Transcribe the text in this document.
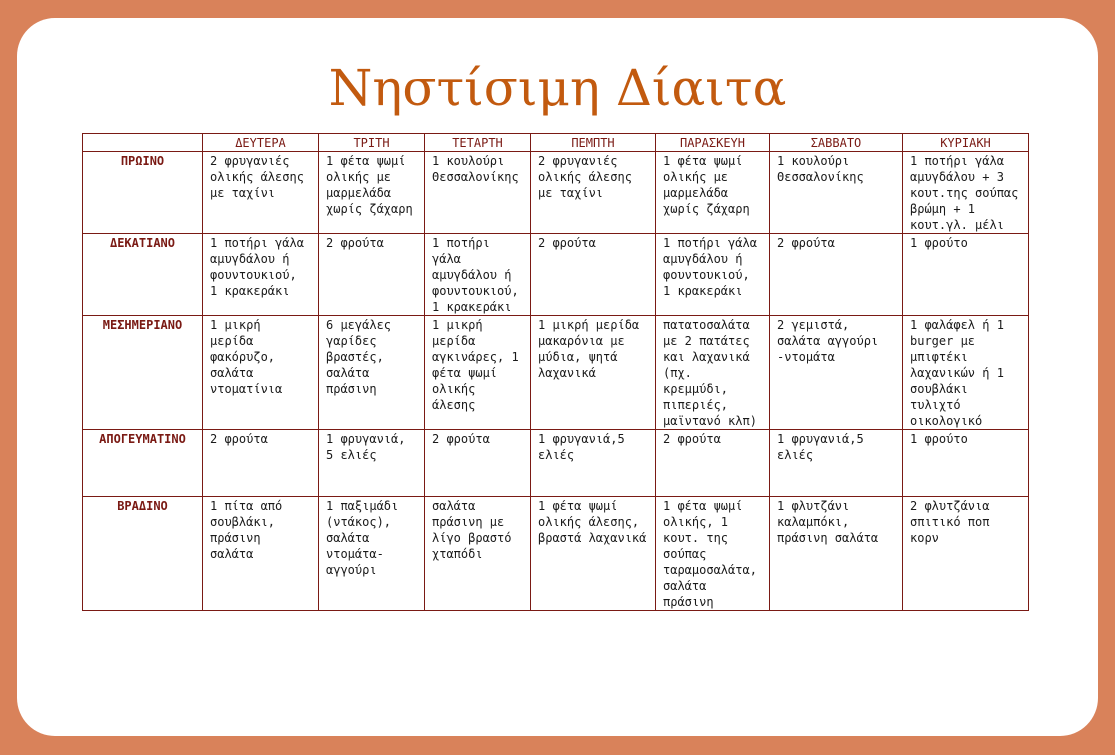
Νηστίσιμη Δίαιτα
	ΔΕΥΤΕΡΑ	ΤΡΙΤΗ	ΤΕΤΑΡΤΗ	ΠΕΜΠΤΗ	ΠΑΡΑΣΚΕΥΗ	ΣΑΒΒΑΤΟ	ΚΥΡΙΑΚΗ
ΠΡΩΙΝΟ	2 φρυγανιές ολικής άλεσης με ταχίνι	1 φέτα ψωμί ολικής με μαρμελάδα χωρίς ζάχαρη	1 κουλούρι Θεσσαλονίκης	2 φρυγανιές ολικής άλεσης με ταχίνι	1 φέτα ψωμί ολικής με μαρμελάδα χωρίς ζάχαρη	1 κουλούρι Θεσσαλονίκης	1 ποτήρι γάλα αμυγδάλου + 3 κουτ.της σούπας βρώμη + 1 κουτ.γλ. μέλι
ΔΕΚΑΤΙΑΝΟ	1 ποτήρι γάλα αμυγδάλου ή φουντουκιού, 1 κρακεράκι	2 φρούτα	1 ποτήρι γάλα αμυγδάλου ή φουντουκιού, 1 κρακεράκι	2 φρούτα	1 ποτήρι γάλα αμυγδάλου ή φουντουκιού, 1 κρακεράκι	2 φρούτα	1 φρούτο
ΜΕΣΗΜΕΡΙΑΝΟ	1 μικρή μερίδα φακόρυζο, σαλάτα ντοματίνια	6 μεγάλες γαρίδες βραστές, σαλάτα πράσινη	1 μικρή μερίδα αγκινάρες, 1 φέτα ψωμί ολικής άλεσης	1 μικρή μερίδα μακαρόνια με μύδια, ψητά λαχανικά	πατατοσαλάτα με 2 πατάτες και λαχανικά (πχ. κρεμμύδι, πιπεριές, μαϊντανό κλπ)	2 γεμιστά, σαλάτα αγγούρι -ντομάτα	1 φαλάφελ ή 1 burger με μπιφτέκι λαχανικών ή 1 σουβλάκι τυλιχτό οικολογικό
ΑΠΟΓΕΥΜΑΤΙΝΟ	2 φρούτα	1 φρυγανιά, 5 ελιές	2 φρούτα	1 φρυγανιά,5 ελιές	2 φρούτα	1 φρυγανιά,5 ελιές	1 φρούτο
ΒΡΑΔΙΝΟ	1 πίτα από σουβλάκι, πράσινη σαλάτα	1 παξιμάδι (ντάκος), σαλάτα ντομάτα-αγγούρι	σαλάτα πράσινη με λίγο βραστό χταπόδι	1 φέτα ψωμί ολικής άλεσης, βραστά λαχανικά	1 φέτα ψωμί ολικής, 1 κουτ. της σούπας ταραμοσαλάτα, σαλάτα πράσινη	1 φλυτζάνι καλαμπόκι, πράσινη σαλάτα	2 φλυτζάνια σπιτικό ποπ κορν
